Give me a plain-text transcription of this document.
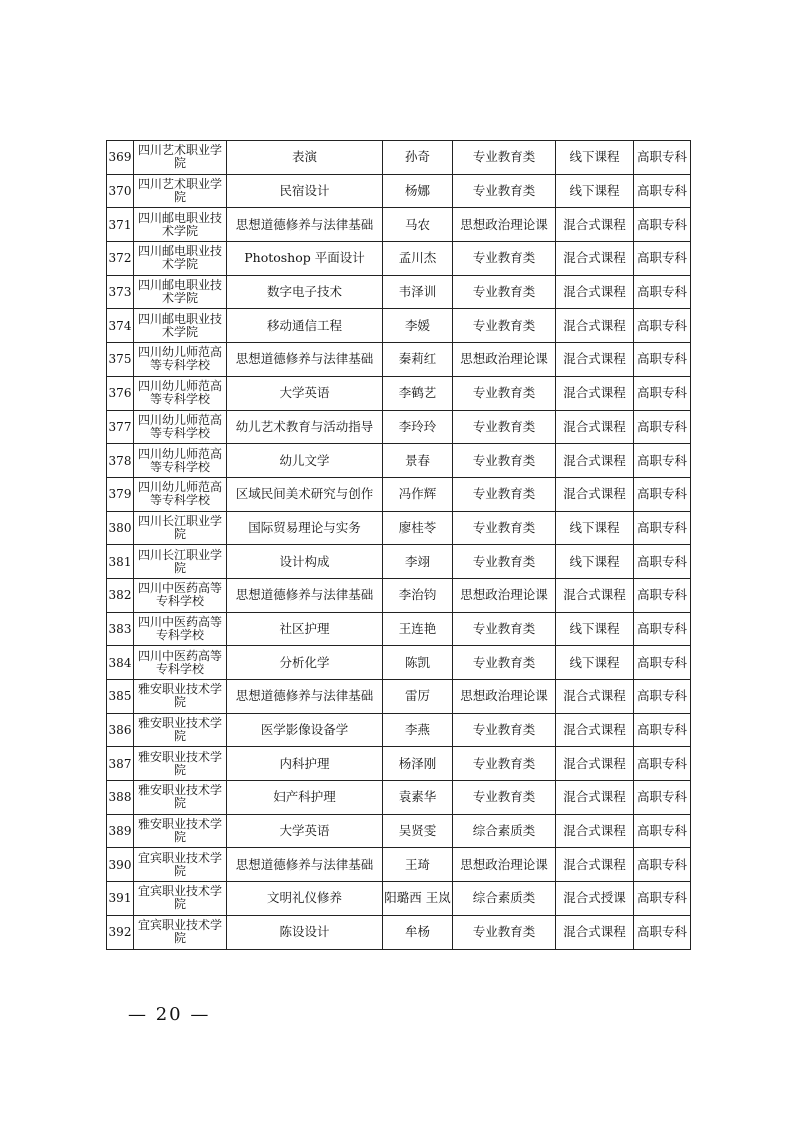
369	四川艺术职业学院	表演	孙奇	专业教育类	线下课程	高职专科
370	四川艺术职业学院	民宿设计	杨娜	专业教育类	线下课程	高职专科
371	四川邮电职业技术学院	思想道德修养与法律基础	马农	思想政治理论课	混合式课程	高职专科
372	四川邮电职业技术学院	Photoshop 平面设计	孟川杰	专业教育类	混合式课程	高职专科
373	四川邮电职业技术学院	数字电子技术	韦泽训	专业教育类	混合式课程	高职专科
374	四川邮电职业技术学院	移动通信工程	李媛	专业教育类	混合式课程	高职专科
375	四川幼儿师范高等专科学校	思想道德修养与法律基础	秦莉红	思想政治理论课	混合式课程	高职专科
376	四川幼儿师范高等专科学校	大学英语	李鹤艺	专业教育类	混合式课程	高职专科
377	四川幼儿师范高等专科学校	幼儿艺术教育与活动指导	李玲玲	专业教育类	混合式课程	高职专科
378	四川幼儿师范高等专科学校	幼儿文学	景春	专业教育类	混合式课程	高职专科
379	四川幼儿师范高等专科学校	区域民间美术研究与创作	冯作辉	专业教育类	混合式课程	高职专科
380	四川长江职业学院	国际贸易理论与实务	廖桂苓	专业教育类	线下课程	高职专科
381	四川长江职业学院	设计构成	李翊	专业教育类	线下课程	高职专科
382	四川中医药高等专科学校	思想道德修养与法律基础	李治钧	思想政治理论课	混合式课程	高职专科
383	四川中医药高等专科学校	社区护理	王连艳	专业教育类	线下课程	高职专科
384	四川中医药高等专科学校	分析化学	陈凯	专业教育类	线下课程	高职专科
385	雅安职业技术学院	思想道德修养与法律基础	雷厉	思想政治理论课	混合式课程	高职专科
386	雅安职业技术学院	医学影像设备学	李燕	专业教育类	混合式课程	高职专科
387	雅安职业技术学院	内科护理	杨泽刚	专业教育类	混合式课程	高职专科
388	雅安职业技术学院	妇产科护理	袁素华	专业教育类	混合式课程	高职专科
389	雅安职业技术学院	大学英语	吴贤雯	综合素质类	混合式课程	高职专科
390	宜宾职业技术学院	思想道德修养与法律基础	王琦	思想政治理论课	混合式课程	高职专科
391	宜宾职业技术学院	文明礼仪修养	阳璐西 王岚	综合素质类	混合式授课	高职专科
392	宜宾职业技术学院	陈设设计	牟杨	专业教育类	混合式课程	高职专科
— 20 —
